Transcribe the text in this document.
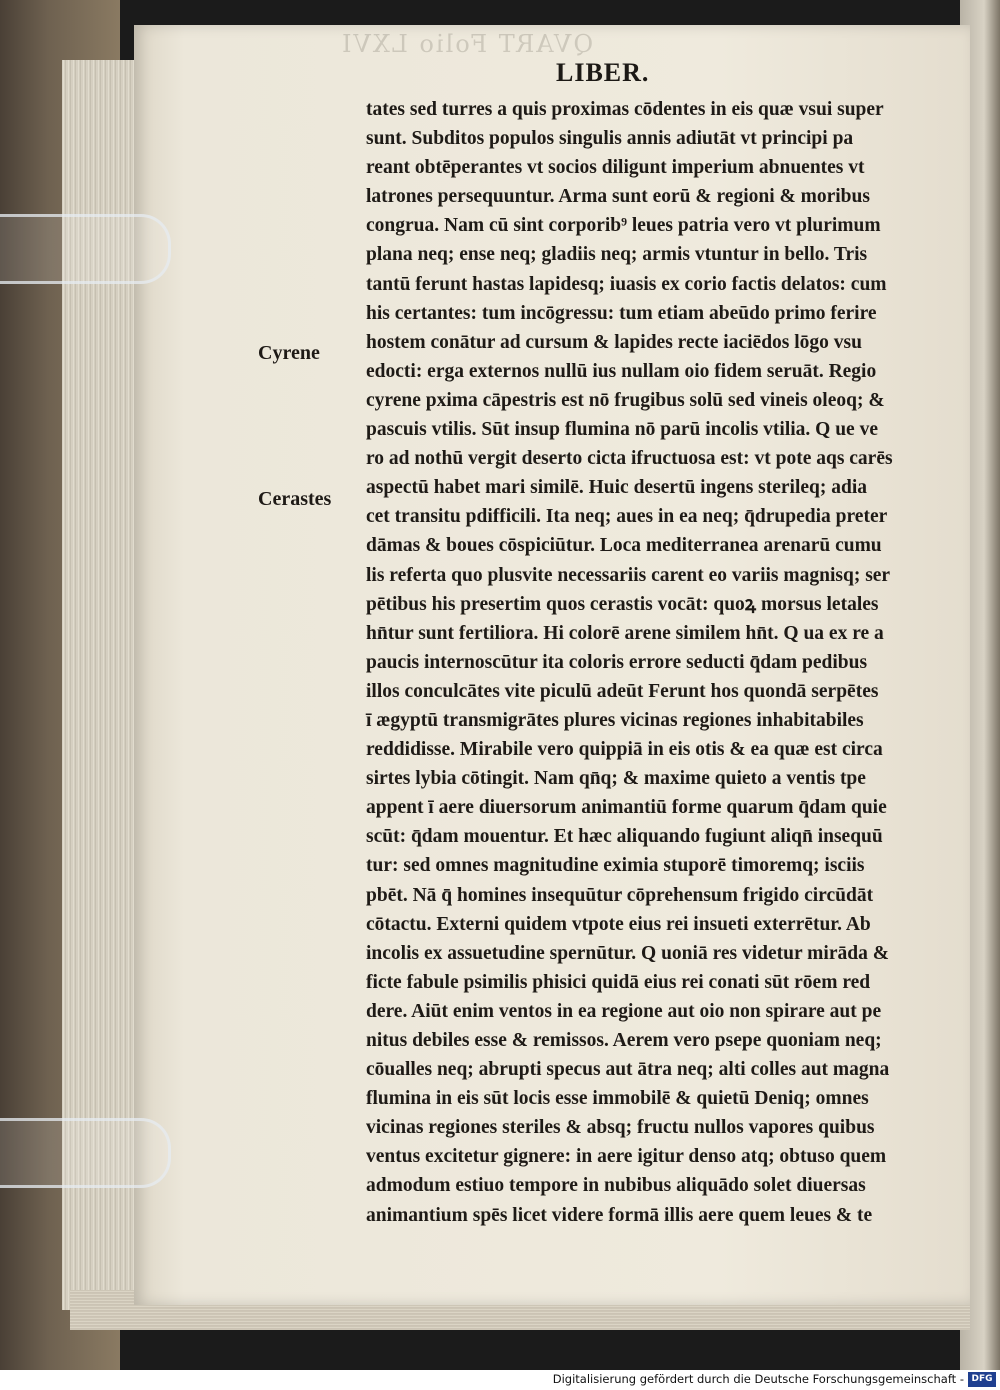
QVART Folio LXVI
LIBER.
Cyrene
Cerastes
tates sed turres a quis proximas cōdentes in eis quæ vsui super
sunt. Subditos populos singulis annis adiutāt vt principi pa
reant obtēperantes vt socios diligunt imperium abnuentes vt
latrones persequuntur. Arma sunt eorū & regioni & moribus
congrua. Nam cū sint corporib⁹ leues patria vero vt plurimum
plana neq; ense neq; gladiis neq; armis vtuntur in bello. Tris
tantū ferunt hastas lapidesq; iuasis ex corio factis delatos: cum
his certantes: tum incōgressu: tum etiam abeūdo primo ferire
hostem conātur ad cursum & lapides recte iaciēdos lōgo vsu
edocti: erga externos nullū ius nullam oio fidem seruāt. Regio
cyrene pxima cāpestris est nō frugibus solū sed vineis oleoq; &
pascuis vtilis. Sūt insup flumina nō parū incolis vtilia. Q ue ve
ro ad nothū vergit deserto cicta ifructuosa est: vt pote aqs carēs
aspectū habet mari similē. Huic desertū ingens sterileq; adia
cet transitu pdifficili. Ita neq; aues in ea neq; q̄drupedia preter
dāmas & boues cōspiciūtur. Loca mediterranea arenarū cumu
lis referta quo plusvite necessariis carent eo variis magnisq; ser
pētibus his presertim quos cerastis vocāt: quoꝝ morsus letales
hn̄tur sunt fertiliora. Hi colorē arene similem hn̄t. Q ua ex re a
paucis internoscūtur ita coloris errore seducti q̄dam pedibus
illos conculcātes vite piculū adeūt Ferunt hos quondā serpētes
ī ægyptū transmigrātes plures vicinas regiones inhabitabiles
reddidisse. Mirabile vero quippiā in eis otis & ea quæ est circa
sirtes lybia cōtingit. Nam qn̄q; & maxime quieto a ventis tpe
appent ī aere diuersorum animantiū forme quarum q̄dam quie
scūt: q̄dam mouentur. Et hæc aliquando fugiunt aliqn̄ insequū
tur: sed omnes magnitudine eximia stuporē timoremq; isciis
pbēt. Nā q̄ homines insequūtur cōprehensum frigido circūdāt
cōtactu. Externi quidem vtpote eius rei insueti exterrētur. Ab
incolis ex assuetudine spernūtur. Q uoniā res videtur mirāda &
ficte fabule psimilis phisici quidā eius rei conati sūt rōem red
dere. Aiūt enim ventos in ea regione aut oio non spirare aut pe
nitus debiles esse & remissos. Aerem vero psepe quoniam neq;
cōualles neq; abrupti specus aut ātra neq; alti colles aut magna
flumina in eis sūt locis esse immobilē & quietū Deniq; omnes
vicinas regiones steriles & absq; fructu nullos vapores quibus
ventus excitetur gignere: in aere igitur denso atq; obtuso quem
admodum estiuo tempore in nubibus aliquādo solet diuersas
animantium spēs licet videre formā illis aere quem leues & te
Digitalisierung gefördert durch die Deutsche Forschungsgemeinschaft - DFG
